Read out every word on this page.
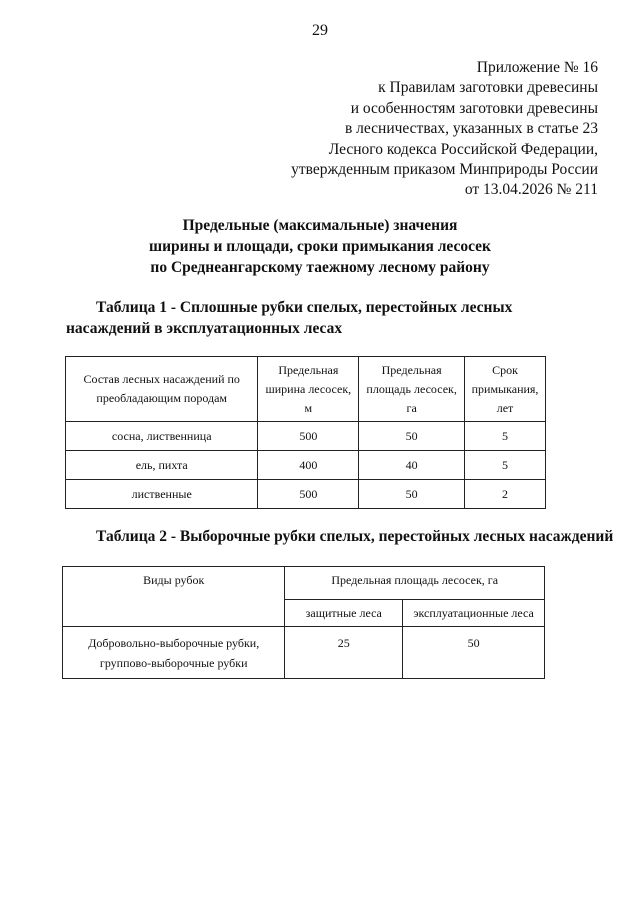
29
Приложение № 16
к Правилам заготовки древесины
и особенностям заготовки древесины
в лесничествах, указанных в статье 23
Лесного кодекса Российской Федерации,
утвержденным приказом Минприроды России
от 13.04.2026 № 211
Предельные (максимальные) значения
ширины и площади, сроки примыкания лесосек
по Среднеангарскому таежному лесному району
Таблица 1 - Сплошные рубки спелых, перестойных лесных насаждений в эксплуатационных лесах
Состав лесных насаждений по преобладающим породам	Предельная ширина лесосек, м	Предельная площадь лесосек, га	Срок примыкания, лет
сосна, лиственница	500	50	5
ель, пихта	400	40	5
лиственные	500	50	2
Таблица 2 - Выборочные рубки спелых, перестойных лесных насаждений
Виды рубок	Предельная площадь лесосек, га	
	защитные леса	эксплуатационные леса

Добровольно-выборочные рубки,
группово-выборочные рубки	25	50
